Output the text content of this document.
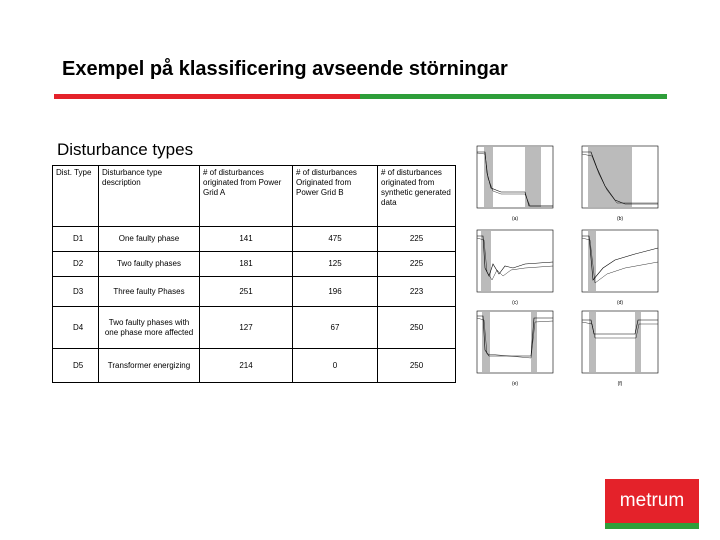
Exempel på klassificering avseende störningar
Disturbance types
Dist. Type	Disturbance type description	# of disturbances originated from Power Grid A	# of disturbances Originated from Power Grid B	# of disturbances originated from synthetic generated data
D1	One faulty phase	141	475	225
D2	Two faulty phases	181	125	225
D3	Three faulty Phases	251	196	223
D4	Two faulty phases with one phase more affected	127	67	250
D5	Transformer energizing	214	0	250
(a)	(b)
(c)	(d)
(e)	(f)
metrum
